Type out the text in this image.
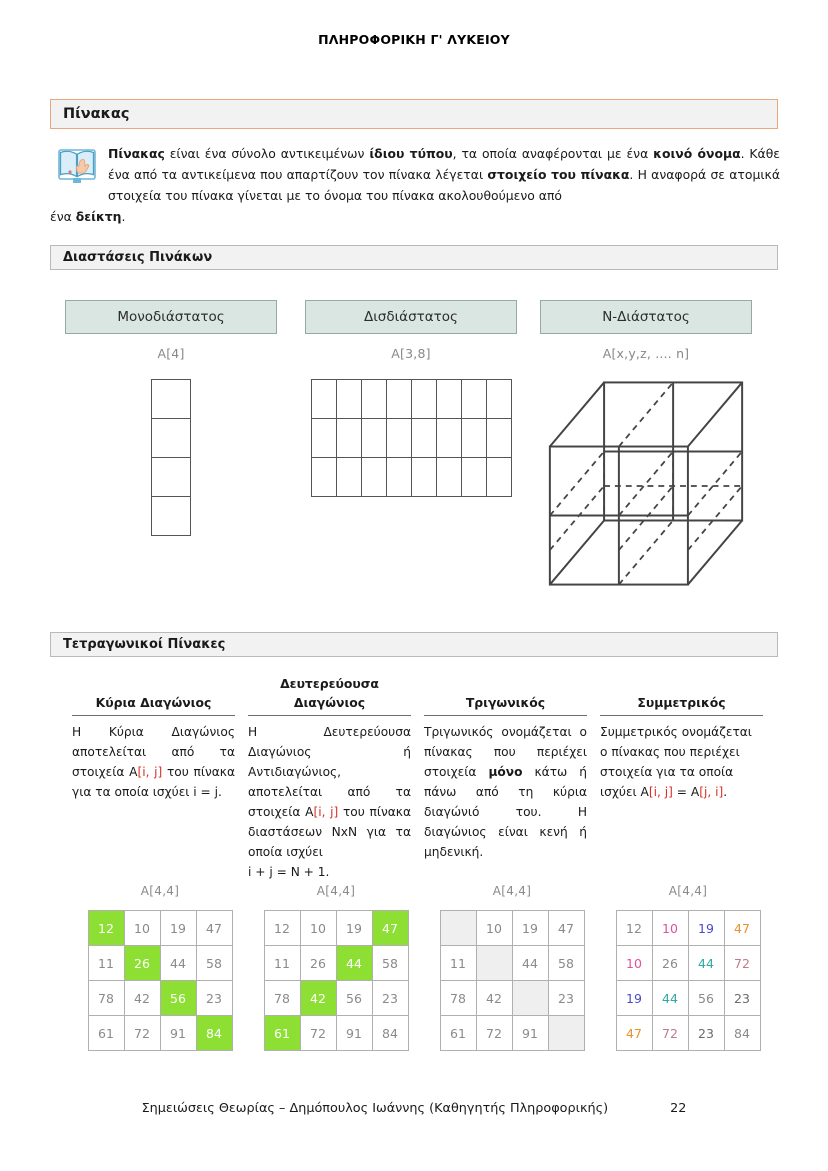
ΠΛΗΡΟΦΟΡΙΚΗ Γ' ΛΥΚΕΙΟΥ
Πίνακας
Πίνακας είναι ένα σύνολο αντικειμένων ίδιου τύπου, τα οποία αναφέρονται με ένα κοινό όνομα. Κάθε ένα από τα αντικείμενα που απαρτίζουν τον πίνακα λέγεται στοιχείο του πίνακα. Η αναφορά σε ατομικά στοιχεία του πίνακα γίνεται με το όνομα του πίνακα ακολουθούμενο από
ένα δείκτη.
Διαστάσεις Πινάκων
Μονοδιάστατος
Α[4]

Δισδιάστατος
Α[3,8]

Ν-Διάστατος
Α[x,y,z, .... n]
Τετραγωνικοί Πίνακες
Κύρια Διαγώνιος
Η Κύρια Διαγώνιος αποτελείται από τα στοιχεία A[i, j] του πίνακα για τα οποία ισχύει i = j.
Δευτερεύουσα
Διαγώνιος
Η Δευτερεύουσα Διαγώνιος ή Αντιδιαγώνιος, αποτελείται από τα στοιχεία A[i, j] του πίνακα διαστάσεων ΝxΝ για τα οποία ισχύει
i + j = N + 1.
Τριγωνικός
Τριγωνικός ονομάζεται ο πίνακας που περιέχει στοιχεία μόνο κάτω ή πάνω από τη κύρια διαγώνιό του. Η διαγώνιος είναι κενή ή μηδενική.
Συμμετρικός
Συμμετρικός ονομάζεται ο πίνακας που περιέχει στοιχεία για τα οποία ισχύει A[i, j] = A[j, i].
Α[4,4]
12	10	19	47
11	26	44	58
78	42	56	23
61	72	91	84
Α[4,4]
12	10	19	47
11	26	44	58
78	42	56	23
61	72	91	84
Α[4,4]
	10	19	47
11		44	58
78	42		23
61	72	91	
Α[4,4]
12	10	19	47
10	26	44	72
19	44	56	23
47	72	23	84
Σημειώσεις Θεωρίας – Δημόπουλος Ιωάννης (Καθηγητής Πληροφορικής)	22
